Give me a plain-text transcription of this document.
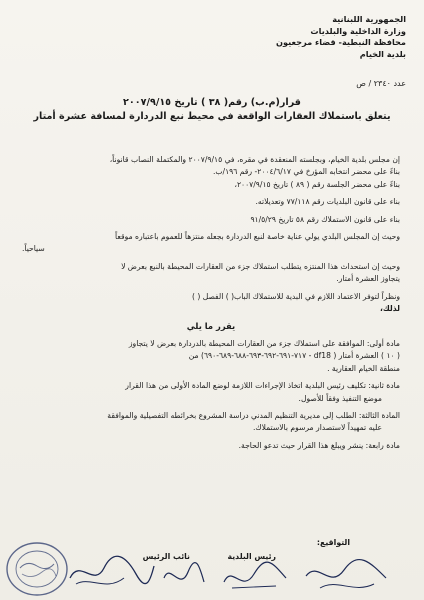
الجمهورية اللبنانية
وزارة الداخلية والبلديات
محافظة النبطية- قضاء مرجعيون
بلدية الخيام
عدد ٢٣٤٠ / ص
قرار(م.ب) رقم( ٣٨ ) تاريخ ٢٠٠٧/٩/١٥
يتعلق باستملاك العقارات الواقعة في محيط نبع الدردارة لمسافة عشرة أمتار

إن مجلس بلدية الخيام، وبجلسته المنعقدة في مقره، في ٢٠٠٧/٩/١٥ والمكتملة النصاب قانوناً،

بناءً على محضر انتخابه المؤرخ في ٢٠٠٤/٦/١٧- رقم ١٩٦/ب.

بناءً على محضر الجلسة رقم ( ٨٩ ) تاريخ ٢٠٠٧/٩/١٥،

بناء على قانون البلديات رقم ٧٧/١١٨ وتعديلاته.

بناء على قانون الاستملاك رقم ٥٨ تاريخ ٩١/٥/٢٩

وحيث إن المجلس البلدي يولي عناية خاصة لنبع الدردارة بجعله منتزهاً للعموم باعتباره موقعاً

سياحياً.

وحيث إن استحداث هذا المنتزه يتطلب استملاك جزء من العقارات المحيطة بالنبع بعرض لا

يتجاوز العشرة أمتار.

ونظراً لتوفر الاعتماد اللازم في البدية للاستملاك الباب( ) الفصل ( )

لذلك،

يقرر ما يلي

مادة أولى: الموافقة على استملاك جزء من العقارات المحيطة بالدردارة بعرض لا يتجاوز

( ١٠ ) العشرة أمتار ( df18 - ٧١٧-٦٩١-٦٩٢-٦٩٣-٦٨٨-٦٨٩-٦٩٠) من

منطقة الخيام العقارية .

مادة ثانية: تكليف رئيس البلدية اتخاذ الإجراءات اللازمة لوضع المادة الأولى من هذا القرار

موضع التنفيذ وفقاً للأصول.

المادة الثالثة: الطلب إلى مديرية التنظيم المدني دراسة المشروع بخرائطه التفصيلية والموافقة

عليه تمهيداً لاستصدار مرسوم بالاستملاك.

مادة رابعة: ينشر ويبلغ هذا القرار حيث تدعو الحاجة.

التواقيع:
رئيس البلدية
نائب الرئيس
